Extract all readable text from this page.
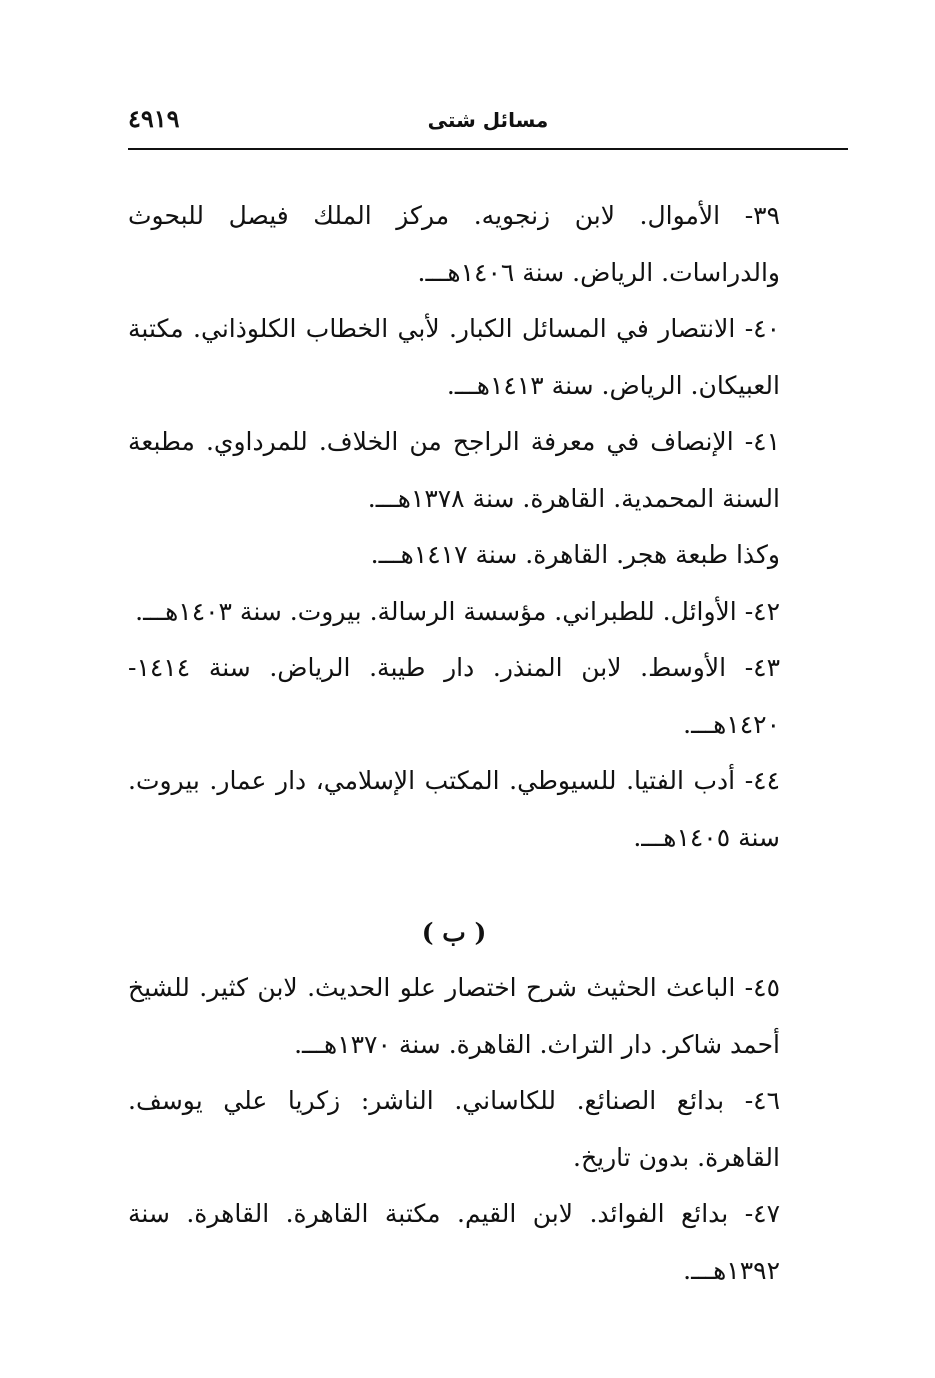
مسائل شتى
٤٩١٩

٣٩- الأموال. لابن زنجويه. مركز الملك فيصل للبحوث والدراسات. الرياض. سنة ١٤٠٦هـــ.

٤٠- الانتصار في المسائل الكبار. لأبي الخطاب الكلوذاني. مكتبة العبيكان. الرياض. سنة ١٤١٣هـــ.

٤١- الإنصاف في معرفة الراجح من الخلاف. للمرداوي. مطبعة السنة المحمدية. القاهرة. سنة ١٣٧٨هـــ.

وكذا طبعة هجر. القاهرة. سنة ١٤١٧هـــ.

٤٢- الأوائل. للطبراني. مؤسسة الرسالة. بيروت. سنة ١٤٠٣هـــ.

٤٣- الأوسط. لابن المنذر. دار طيبة. الرياض. سنة ١٤١٤- ١٤٢٠هـــ.

٤٤- أدب الفتيا. للسيوطي. المكتب الإسلامي، دار عمار. بيروت. سنة ١٤٠٥هـــ.

( ب )

٤٥- الباعث الحثيث شرح اختصار علو الحديث. لابن كثير. للشيخ أحمد شاكر. دار التراث. القاهرة. سنة ١٣٧٠هـــ.

٤٦- بدائع الصنائع. للكاساني. الناشر: زكريا علي يوسف. القاهرة. بدون تاريخ.

٤٧- بدائع الفوائد. لابن القيم. مكتبة القاهرة. القاهرة. سنة ١٣٩٢هـــ.
